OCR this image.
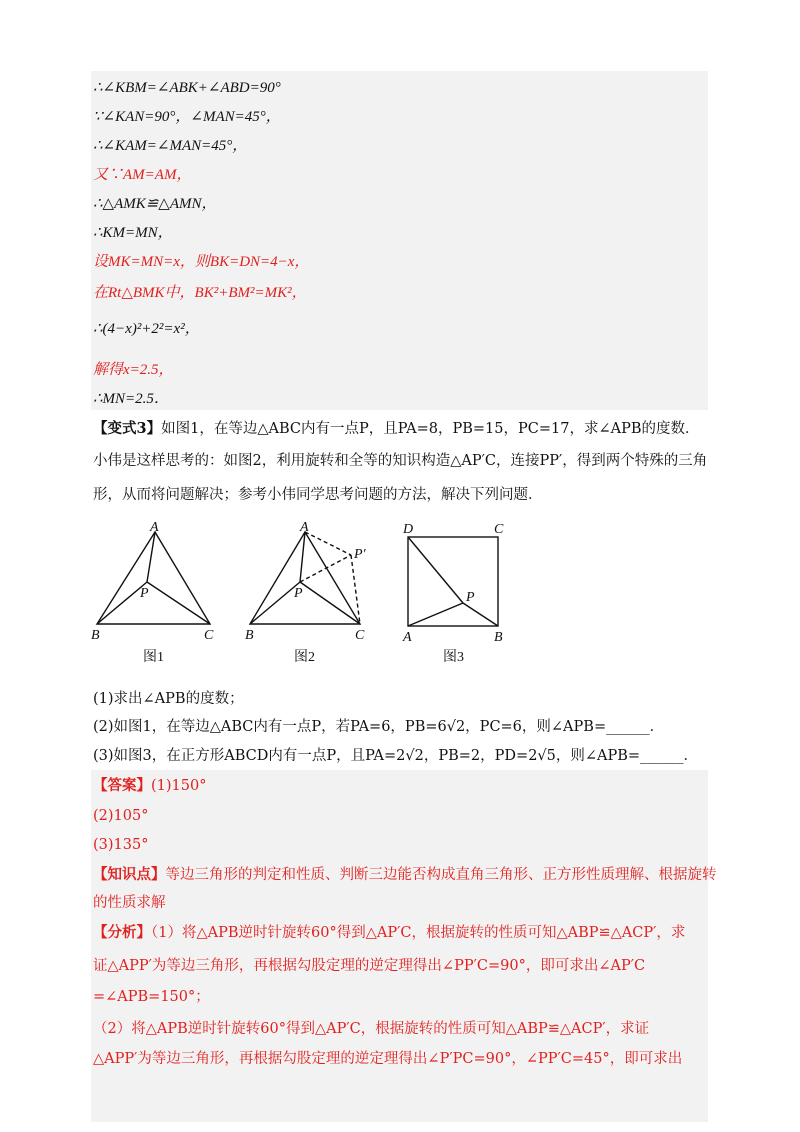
∴∠KBM=∠ABK+∠ABD=90°
∵∠KAN=90°，∠MAN=45°，
∴∠KAM=∠MAN=45°，
又∵AM=AM，
∴△AMK≌△AMN，
∴KM=MN，
设MK=MN=x，则BK=DN=4−x，
在Rt△BMK中，BK²+BM²=MK²，
∴(4−x)²+2²=x²，
解得x=2.5，
∴MN=2.5．
【变式3】如图1，在等边△ABC内有一点P，且PA=8，PB=15，PC=17，求∠APB的度数．
小伟是这样思考的：如图2，利用旋转和全等的知识构造△AP′C，连接PP′，得到两个特殊的三角
形，从而将问题解决；参考小伟同学思考问题的方法，解决下列问题．
A
B	C
P
A
B	C
P
P′
D	C
A	B
P
图1	图2	图3
(1)求出∠APB的度数；
(2)如图1，在等边△ABC内有一点P，若PA=6，PB=6√2，PC=6，则∠APB=______．
(3)如图3，在正方形ABCD内有一点P，且PA=2√2，PB=2，PD=2√5，则∠APB=______．
【答案】(1)150°
(2)105°
(3)135°
【知识点】等边三角形的判定和性质、判断三边能否构成直角三角形、正方形性质理解、根据旋转
的性质求解
【分析】（1）将△APB逆时针旋转60°得到△AP′C，根据旋转的性质可知△ABP≌△ACP′，求
证△APP′为等边三角形，再根据勾股定理的逆定理得出∠PP′C=90°，即可求出∠AP′C
=∠APB=150°；
（2）将△APB逆时针旋转60°得到△AP′C，根据旋转的性质可知△ABP≌△ACP′，求证
△APP′为等边三角形，再根据勾股定理的逆定理得出∠P′PC=90°，∠PP′C=45°，即可求出
